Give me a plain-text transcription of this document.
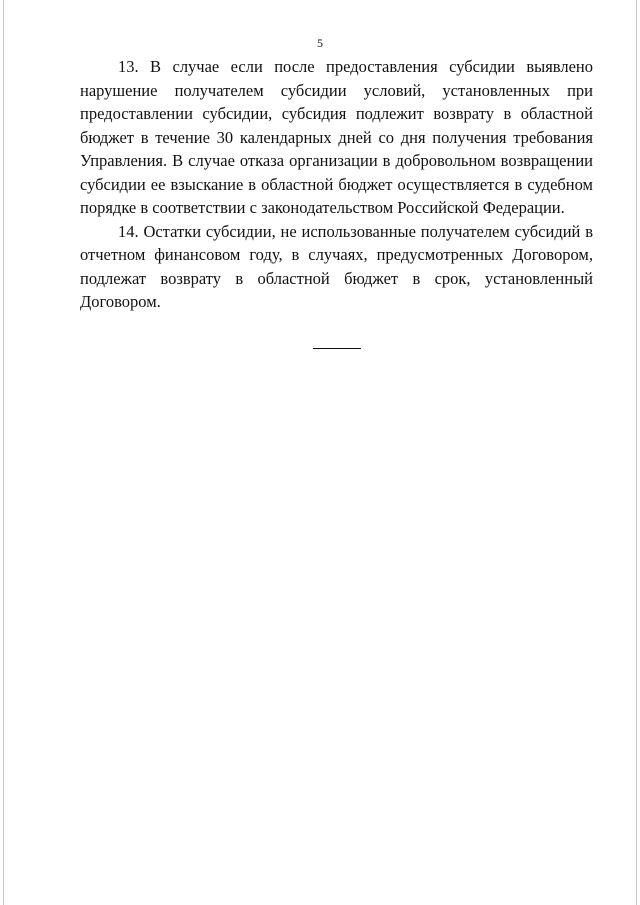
5

13. В случае если после предоставления субсидии выявлено нарушение получателем субсидии условий, установленных при предоставлении субсидии, субсидия подлежит возврату в областной бюджет в течение 30 календарных дней со дня получения требования Управления. В случае отказа организации в добровольном возвращении субсидии ее взыскание в областной бюджет осуществляется в судебном порядке в соответствии с законодательством Российской Федерации.

14. Остатки субсидии, не использованные получателем субсидий в отчетном финансовом году, в случаях, предусмотренных Договором, подлежат возврату в областной бюджет в срок, установленный Договором.
